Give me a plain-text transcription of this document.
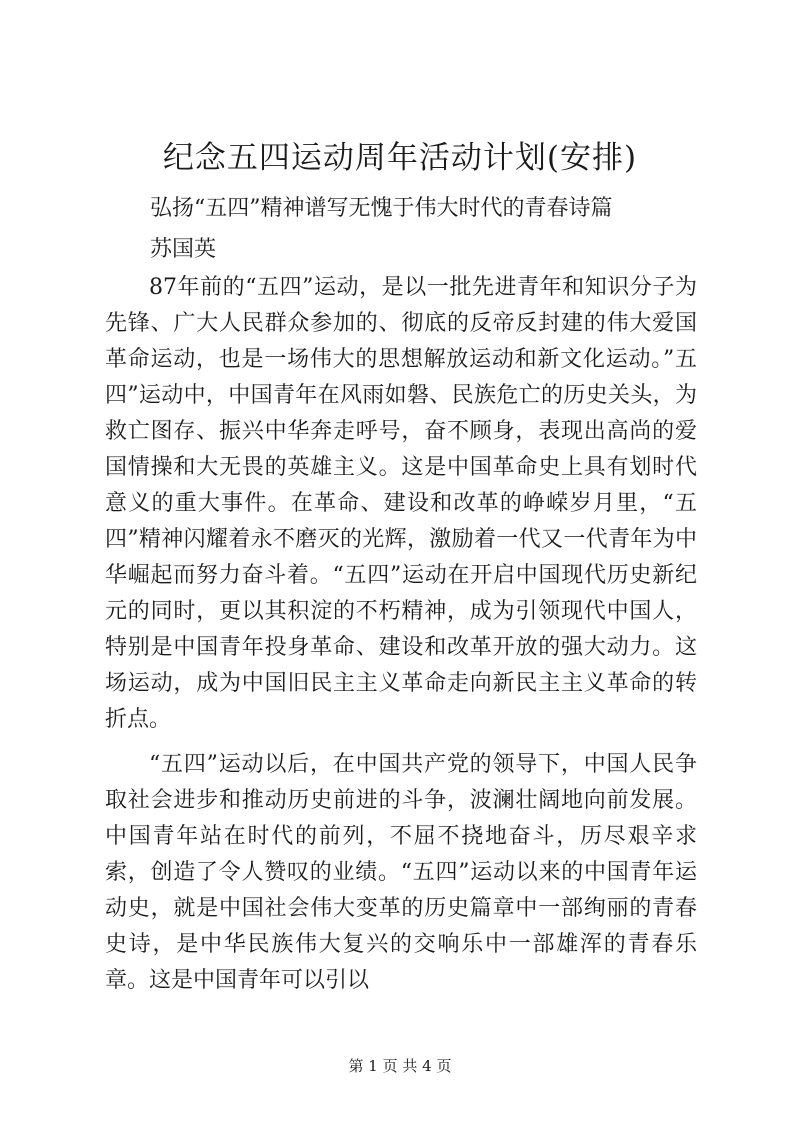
纪念五四运动周年活动计划(安排)
弘扬“五四”精神谱写无愧于伟大时代的青春诗篇
苏国英

87年前的“五四”运动，是以一批先进青年和知识分子为先锋、广大人民群众参加的、彻底的反帝反封建的伟大爱国革命运动，也是一场伟大的思想解放运动和新文化运动。”五四”运动中，中国青年在风雨如磐、民族危亡的历史关头，为救亡图存、振兴中华奔走呼号，奋不顾身，表现出高尚的爱国情操和大无畏的英雄主义。这是中国革命史上具有划时代意义的重大事件。在革命、建设和改革的峥嵘岁月里，“五四”精神闪耀着永不磨灭的光辉，激励着一代又一代青年为中华崛起而努力奋斗着。“五四”运动在开启中国现代历史新纪元的同时，更以其积淀的不朽精神，成为引领现代中国人，特别是中国青年投身革命、建设和改革开放的强大动力。这场运动，成为中国旧民主主义革命走向新民主主义革命的转折点。

“五四”运动以后，在中国共产党的领导下，中国人民争取社会进步和推动历史前进的斗争，波澜壮阔地向前发展。中国青年站在时代的前列，不屈不挠地奋斗，历尽艰辛求索，创造了令人赞叹的业绩。“五四”运动以来的中国青年运动史，就是中国社会伟大变革的历史篇章中一部绚丽的青春史诗，是中华民族伟大复兴的交响乐中一部雄浑的青春乐章。这是中国青年可以引以

第 1 页 共 4 页
